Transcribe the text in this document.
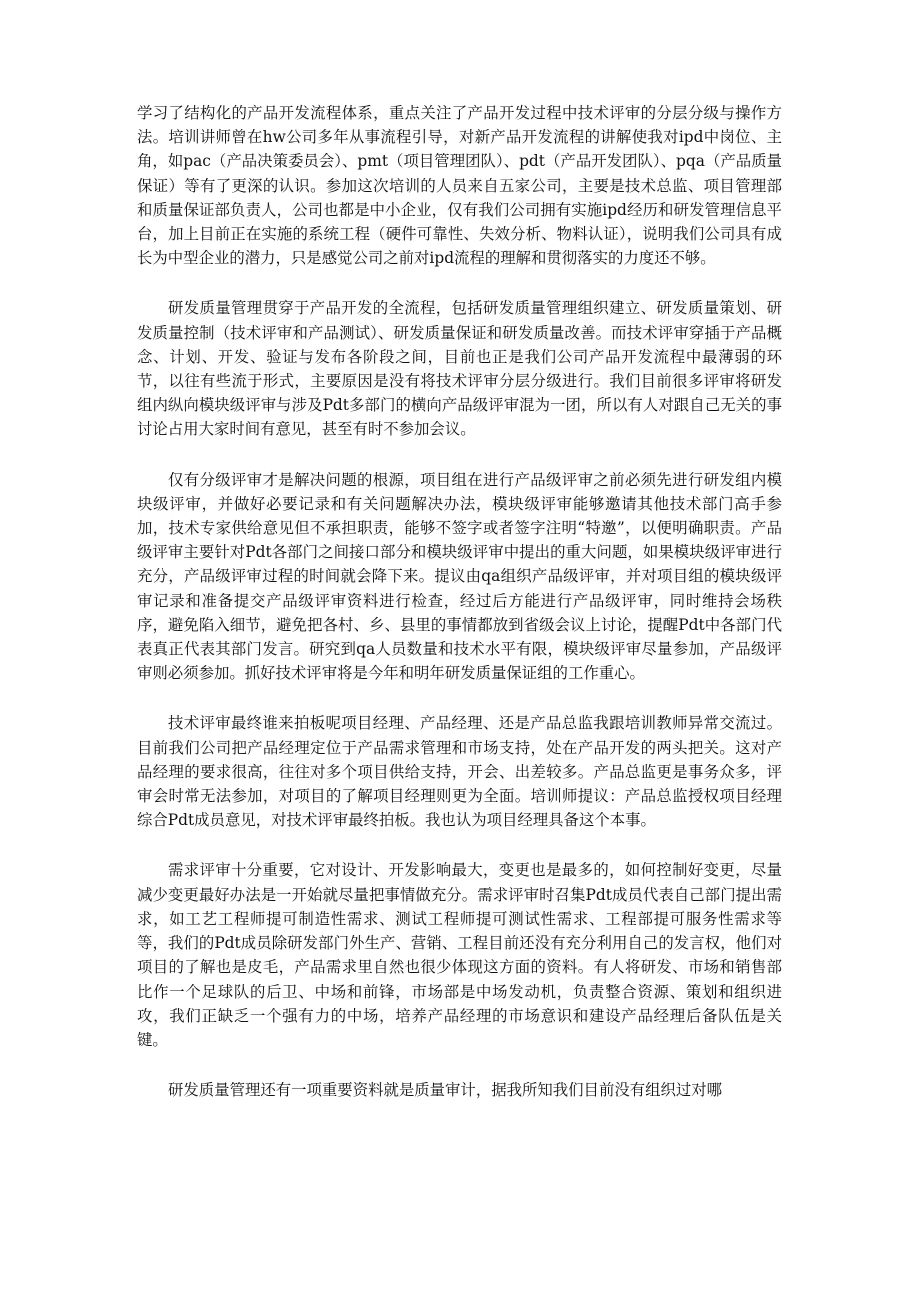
学习了结构化的产品开发流程体系，重点关注了产品开发过程中技术评审的分层分级与操作方法。培训讲师曾在hw公司多年从事流程引导，对新产品开发流程的讲解使我对ipd中岗位、主角，如pac（产品决策委员会）、pmt（项目管理团队）、pdt（产品开发团队）、pqa（产品质量保证）等有了更深的认识。参加这次培训的人员来自五家公司，主要是技术总监、项目管理部和质量保证部负责人，公司也都是中小企业，仅有我们公司拥有实施ipd经历和研发管理信息平台，加上目前正在实施的系统工程（硬件可靠性、失效分析、物料认证），说明我们公司具有成长为中型企业的潜力，只是感觉公司之前对ipd流程的理解和贯彻落实的力度还不够。

研发质量管理贯穿于产品开发的全流程，包括研发质量管理组织建立、研发质量策划、研发质量控制（技术评审和产品测试）、研发质量保证和研发质量改善。而技术评审穿插于产品概念、计划、开发、验证与发布各阶段之间，目前也正是我们公司产品开发流程中最薄弱的环节，以往有些流于形式，主要原因是没有将技术评审分层分级进行。我们目前很多评审将研发组内纵向模块级评审与涉及Pdt多部门的横向产品级评审混为一团，所以有人对跟自己无关的事讨论占用大家时间有意见，甚至有时不参加会议。

仅有分级评审才是解决问题的根源，项目组在进行产品级评审之前必须先进行研发组内模块级评审，并做好必要记录和有关问题解决办法，模块级评审能够邀请其他技术部门高手参加，技术专家供给意见但不承担职责，能够不签字或者签字注明“特邀”，以便明确职责。产品级评审主要针对Pdt各部门之间接口部分和模块级评审中提出的重大问题，如果模块级评审进行充分，产品级评审过程的时间就会降下来。提议由qa组织产品级评审，并对项目组的模块级评审记录和准备提交产品级评审资料进行检查，经过后方能进行产品级评审，同时维持会场秩序，避免陷入细节，避免把各村、乡、县里的事情都放到省级会议上讨论，提醒Pdt中各部门代表真正代表其部门发言。研究到qa人员数量和技术水平有限，模块级评审尽量参加，产品级评审则必须参加。抓好技术评审将是今年和明年研发质量保证组的工作重心。

技术评审最终谁来拍板呢项目经理、产品经理、还是产品总监我跟培训教师异常交流过。目前我们公司把产品经理定位于产品需求管理和市场支持，处在产品开发的两头把关。这对产品经理的要求很高，往往对多个项目供给支持，开会、出差较多。产品总监更是事务众多，评审会时常无法参加，对项目的了解项目经理则更为全面。培训师提议：产品总监授权项目经理综合Pdt成员意见，对技术评审最终拍板。我也认为项目经理具备这个本事。

需求评审十分重要，它对设计、开发影响最大，变更也是最多的，如何控制好变更，尽量减少变更最好办法是一开始就尽量把事情做充分。需求评审时召集Pdt成员代表自己部门提出需求，如工艺工程师提可制造性需求、测试工程师提可测试性需求、工程部提可服务性需求等等，我们的Pdt成员除研发部门外生产、营销、工程目前还没有充分利用自己的发言权，他们对项目的了解也是皮毛，产品需求里自然也很少体现这方面的资料。有人将研发、市场和销售部比作一个足球队的后卫、中场和前锋，市场部是中场发动机，负责整合资源、策划和组织进攻，我们正缺乏一个强有力的中场，培养产品经理的市场意识和建设产品经理后备队伍是关键。

研发质量管理还有一项重要资料就是质量审计，据我所知我们目前没有组织过对哪
